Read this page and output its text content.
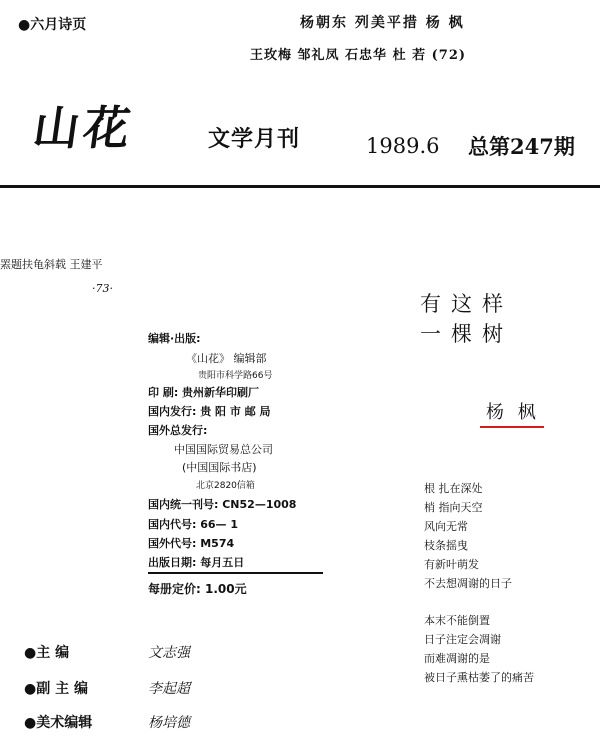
●六月诗页	杨朝东 列美平措 杨 枫
王玫梅 邹礼凤 石忠华 杜 若 (72)
山花	文学月刊	1989.6 总第247期
罴题扶龟斜载 王建平
·73·
编辑·出版:
《山花》 编辑部
贵阳市科学路66号
印 刷: 贵州新华印刷厂
国内发行: 贵 阳 市 邮 局
国外总发行:
中国国际贸易总公司
(中国国际书店)
北京2820信箱
国内统一刊号: CN52—1008
国内代号: 66— 1
国外代号: M574
出版日期: 每月五日
每册定价: 1.00元
●主 编	文志强
●副 主 编	李起超
●美术编辑	杨培德
有这样
一棵树
杨 枫
根 扎在深处
梢 指向天空
风向无常
枝条摇曳
有新叶萌发
不去想凋谢的日子
本末不能倒置
日子注定会凋谢
而难凋谢的是
被日子熏枯萎了的痛苦
